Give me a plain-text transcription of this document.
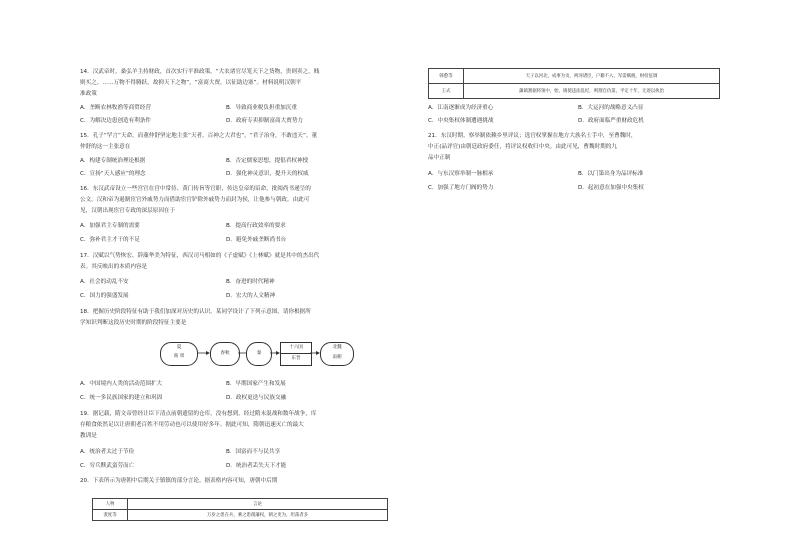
14．汉武帝时，桑弘羊主持财政，首次实行平准政策，“大农诸官尽笼天下之货物，贵则卖之，贱
则买之。……万物不得腾跃，故抑天下之物”，“富商大贾，以征助边塞”。材料说明汉朝平
准政策
A．垄断农林牧渔等商贸经营	B．导致商业税负担重加沉重
C．为解决边患创造有利条件	D．政府专卖抑制富商大贾势力
15．孔子“罕言”天命，而董仲舒坚定地主张“天者，百神之大君也”，“君子治身，不敢违天”。董
仲舒的这一主张意在
A．构建专制统治理论根据	B．否定儒家思想，提倡君权神授
C．宣扬“天人感应”的理念	D．强化神灵意识，提升天的权威
16．东汉武帝设立一些宫官在宫中常侍、黄门传旨等官职，传达皇帝的诏命，批阅尚书递呈的
公文。汉和帝为遏制宦官外戚势力而借助宦官铲除外戚势力而封为侯，让他参与朝政。由此可
见，汉朝出现宦官专政的深层原因在于
A．加强君主专制的需要	B．提高行政效率的要求
C．弥补君主才干的不足	D．避免外戚垄断尚书台
17．汉赋以气势恢宏、辞藻华美为特征，西汉司马相如的《子虚赋》《上林赋》就是其中的杰出代
表。其反映出的本质内容是
A．社会的动乱不安	B．奋进的时代精神
C．国力的强盛发展	D．宏大的人文精神
18．把握历史阶段特征有助于我们加深对历史的认识。某同学设计了下列示意图，请你根据所
学知识判断这段历史时期的阶段特征主要是
夏
商 周
春秋	秦
十六国
东晋
北魏
南朝
A．中国境内人类的活动范围扩大	B．早期国家产生和发展
C．统一多民族国家的建立和巩固	D．政权更迭与民族交融
19．据记载，隋文帝曾经让臣下清点前朝遗留的仓库，没有想到，经过隋末混战和数年战争，库
存粮食依然足以让唐朝老百姓不用劳动也可以使用好多年。据此可知，隋朝迅速灭亡的最大
教训是
A．统治者太过于节俭	B．国富而不与民共享
C．穷兵黩武蛮劳而亡	D．统治者丢失天下才能
20．下表所示为唐朝中后期关于镇镇的部分言论。据表格内容可知，唐朝中后期
人物	言论
裴度等	万岁之患在兵，乘之患削藩权，朝之吏为，坦荡者多
韩愈等	天子以河北，成事为贡，两河诸臣，户籍不入，军需赋税，财役征调
王式	藩镇割据将领中，始，镇使违法乱纪，则割自仇第，平定十年，无迹以执治
A．江南逐渐成为经济重心	B．大运河的战略意义凸显
C．中央集权体制遭遇挑战	D．政府面临严重财政危机
21．东汉时期，察举制依赖乡里评议；选官权掌握在地方大族名士手中，至曹魏时，
中正(品评官)由朝廷政府委任，将评议权收归中央。由此可见，曹魏时期的九
品中正制
A．与东汉察举制一脉相承	B．以门第出身为品评标准
C．加强了地方门阀的势力	D．起初意在加强中央集权
